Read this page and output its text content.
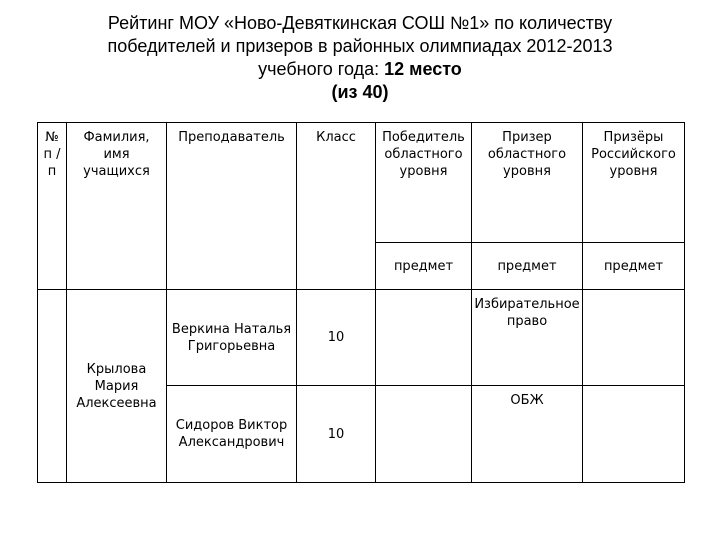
Рейтинг МОУ «Ново-Девяткинская СОШ №1» по количеству
победителей и призеров в районных олимпиадах 2012-2013
учебного года: 12 место
(из 40)
№ п /п	Фамилия, имя учащихся	Преподаватель	Класс	Победитель областного уровня	Призер областного уровня	Призёры Российского уровня

				предмет	предмет	предмет

	Крылова Мария Алексеевна	Веркина Наталья Григорьевна	10		Избирательное право	

		Сидоров Виктор Александрович	10		ОБЖ	
